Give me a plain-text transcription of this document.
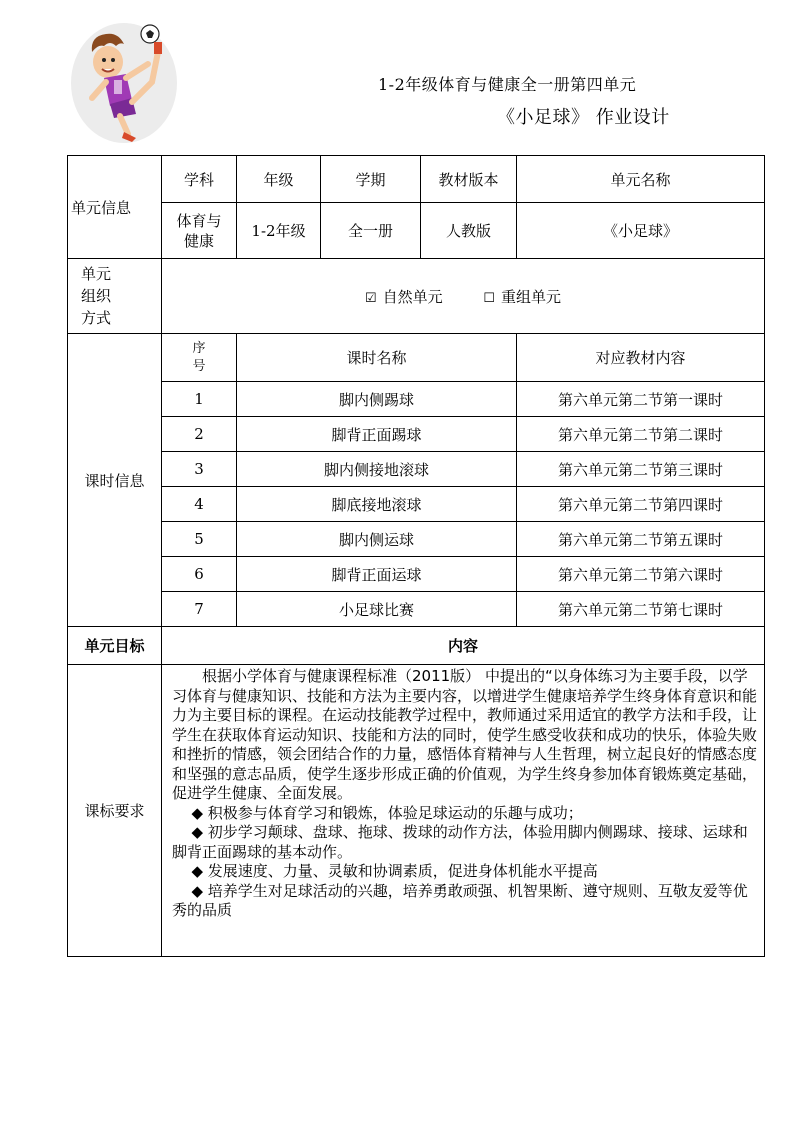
1-2年级体育与健康全一册第四单元
《小足球》 作业设计
单元信息	学科	年级	学期	教材版本	单元名称
	体育与健康	1-2年级	全一册	人教版	《小足球》
单元组织方式	☑ 自然单元 ☐ 重组单元				
课时信息	序号	课时名称			对应教材内容
	1	脚内侧踢球			第六单元第二节第一课时
	2	脚背正面踢球			第六单元第二节第二课时
	3	脚内侧接地滚球			第六单元第二节第三课时
	4	脚底接地滚球			第六单元第二节第四课时
	5	脚内侧运球			第六单元第二节第五课时
	6	脚背正面运球			第六单元第二节第六课时
	7	小足球比赛			第六单元第二节第七课时
单元目标	内容				
课标要求	根据小学体育与健康课程标准（2011版） 中提出的“以身体练习为主要手段，以学习体育与健康知识、技能和方法为主要内容，以增进学生健康培养学生终身体育意识和能力为主要目标的课程。在运动技能教学过程中，教师通过采用适宜的教学方法和手段，让学生在获取体育运动知识、技能和方法的同时，使学生感受收获和成功的快乐，体验失败和挫折的情感，领会团结合作的力量，感悟体育精神与人生哲理，树立起良好的情感态度和坚强的意志品质，使学生逐步形成正确的价值观，为学生终身参加体育锻炼奠定基础，促进学生健康、全面发展。

◆ 积极参与体育学习和锻炼，体验足球运动的乐趣与成功；

◆ 初步学习颠球、盘球、拖球、拨球的动作方法，体验用脚内侧踢球、接球、运球和脚背正面踢球的基本动作。

◆ 发展速度、力量、灵敏和协调素质，促进身体机能水平提高

◆ 培养学生对足球活动的兴趣，培养勇敢顽强、机智果断、遵守规则、互敬友爱等优秀的品质				
